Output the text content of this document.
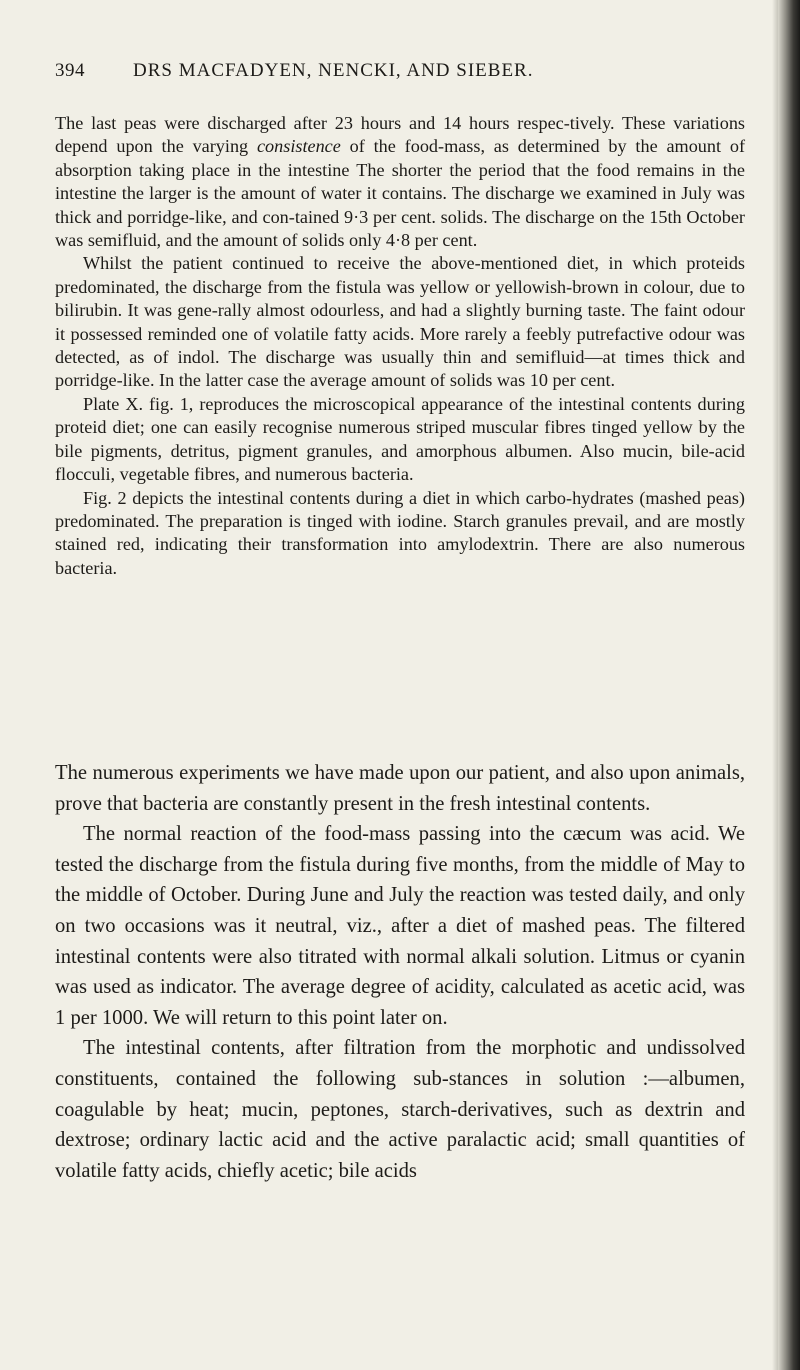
394	DRS MACFADYEN, NENCKI, AND SIEBER.

The last peas were discharged after 23 hours and 14 hours respec-tively. These variations depend upon the varying consistence of the food-mass, as determined by the amount of absorption taking place in the intestine The shorter the period that the food remains in the intestine the larger is the amount of water it contains. The discharge we examined in July was thick and porridge-like, and con-tained 9·3 per cent. solids. The discharge on the 15th October was semifluid, and the amount of solids only 4·8 per cent.

Whilst the patient continued to receive the above-mentioned diet, in which proteids predominated, the discharge from the fistula was yellow or yellowish-brown in colour, due to bilirubin. It was gene-rally almost odourless, and had a slightly burning taste. The faint odour it possessed reminded one of volatile fatty acids. More rarely a feebly putrefactive odour was detected, as of indol. The discharge was usually thin and semifluid—at times thick and porridge-like. In the latter case the average amount of solids was 10 per cent.

Plate X. fig. 1, reproduces the microscopical appearance of the intestinal contents during proteid diet; one can easily recognise numerous striped muscular fibres tinged yellow by the bile pigments, detritus, pigment granules, and amorphous albumen. Also mucin, bile-acid flocculi, vegetable fibres, and numerous bacteria.

Fig. 2 depicts the intestinal contents during a diet in which carbo-hydrates (mashed peas) predominated. The preparation is tinged with iodine. Starch granules prevail, and are mostly stained red, indicating their transformation into amylodextrin. There are also numerous bacteria.

The numerous experiments we have made upon our patient, and also upon animals, prove that bacteria are constantly present in the fresh intestinal contents.

The normal reaction of the food-mass passing into the cæcum was acid. We tested the discharge from the fistula during five months, from the middle of May to the middle of October. During June and July the reaction was tested daily, and only on two occasions was it neutral, viz., after a diet of mashed peas. The filtered intestinal contents were also titrated with normal alkali solution. Litmus or cyanin was used as indicator. The average degree of acidity, calculated as acetic acid, was 1 per 1000. We will return to this point later on.

The intestinal contents, after filtration from the morphotic and undissolved constituents, contained the following sub-stances in solution :—albumen, coagulable by heat; mucin, peptones, starch-derivatives, such as dextrin and dextrose; ordinary lactic acid and the active paralactic acid; small quantities of volatile fatty acids, chiefly acetic; bile acids
